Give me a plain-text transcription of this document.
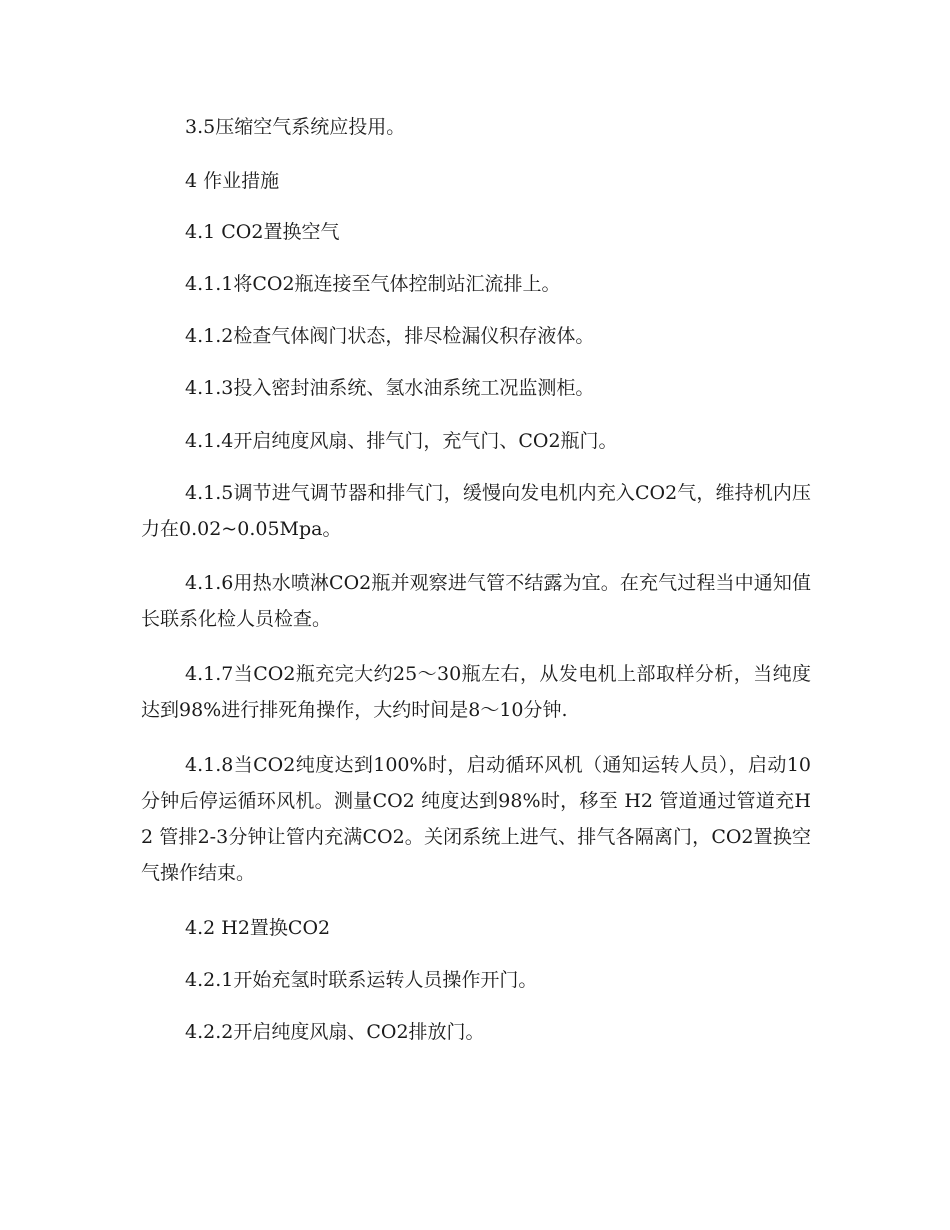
3.5压缩空气系统应投用。

4 作业措施

4.1 CO2置换空气

4.1.1将CO2瓶连接至气体控制站汇流排上。

4.1.2检查气体阀门状态，排尽检漏仪积存液体。

4.1.3投入密封油系统、氢水油系统工况监测柜。

4.1.4开启纯度风扇、排气门，充气门、CO2瓶门。

4.1.5调节进气调节器和排气门，缓慢向发电机内充入CO2气，维持机内压力在0.02~0.05Mpa。

4.1.6用热水喷淋CO2瓶并观察进气管不结露为宜。在充气过程当中通知值长联系化检人员检查。

4.1.7当CO2瓶充完大约25～30瓶左右，从发电机上部取样分析，当纯度达到98%进行排死角操作，大约时间是8～10分钟.

4.1.8当CO2纯度达到100%时，启动循环风机（通知运转人员），启动10分钟后停运循环风机。测量CO2 纯度达到98%时，移至 H2 管道通过管道充H2 管排2-3分钟让管内充满CO2。关闭系统上进气、排气各隔离门，CO2置换空气操作结束。

4.2 H2置换CO2

4.2.1开始充氢时联系运转人员操作开门。

4.2.2开启纯度风扇、CO2排放门。
